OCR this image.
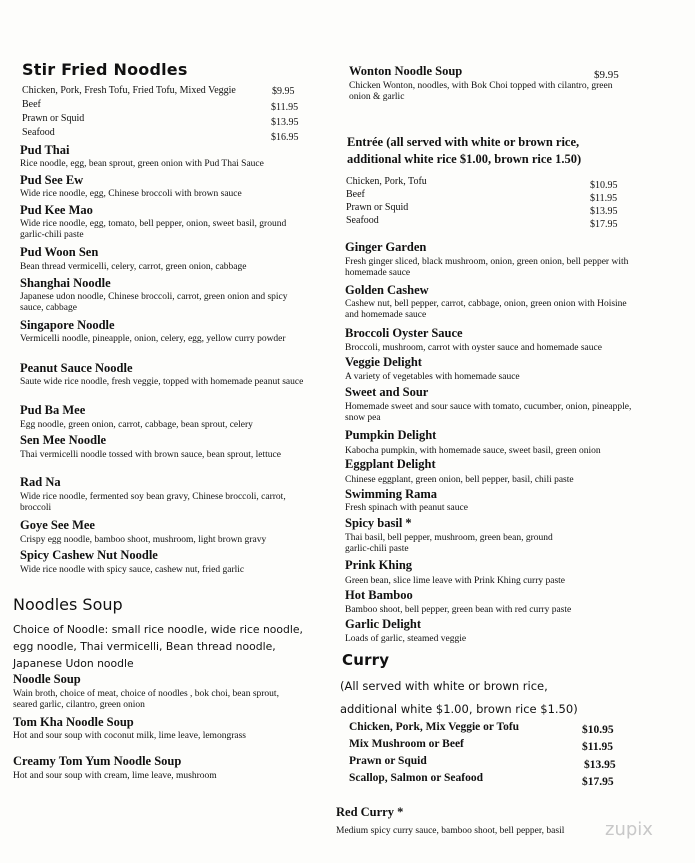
Stir Fried Noodles
Chicken, Pork, Fresh Tofu, Fried Tofu, Mixed Veggie	$9.95
Beef	$11.95
Prawn or Squid	$13.95
Seafood	$16.95
Pud Thai
Rice noodle, egg, bean sprout, green onion with Pud Thai Sauce
Pud See Ew
Wide rice noodle, egg, Chinese broccoli with brown sauce
Pud Kee Mao
Wide rice noodle, egg, tomato, bell pepper, onion, sweet basil, ground garlic-chili paste
Pud Woon Sen
Bean thread vermicelli, celery, carrot, green onion, cabbage
Shanghai Noodle
Japanese udon noodle, Chinese broccoli, carrot, green onion and spicy sauce, cabbage
Singapore Noodle
Vermicelli noodle, pineapple, onion, celery, egg, yellow curry powder
Peanut Sauce Noodle
Saute wide rice noodle, fresh veggie, topped with homemade peanut sauce
Pud Ba Mee
Egg noodle, green onion, carrot, cabbage, bean sprout, celery
Sen Mee Noodle
Thai vermicelli noodle tossed with brown sauce, bean sprout, lettuce
Rad Na
Wide rice noodle, fermented soy bean gravy, Chinese broccoli, carrot, broccoli
Goye See Mee
Crispy egg noodle, bamboo shoot, mushroom, light brown gravy
Spicy Cashew Nut Noodle
Wide rice noodle with spicy sauce, cashew nut, fried garlic
Noodles Soup
Choice of Noodle: small rice noodle, wide rice noodle, egg noodle, Thai vermicelli, Bean thread noodle, Japanese Udon noodle
Noodle Soup
Wain broth, choice of meat, choice of noodles , bok choi, bean sprout, seared garlic, cilantro, green onion
Tom Kha Noodle Soup
Hot and sour soup with coconut milk, lime leave, lemongrass
Creamy Tom Yum Noodle Soup
Hot and sour soup with cream, lime leave, mushroom
Wonton Noodle Soup	$9.95
Chicken Wonton, noodles, with Bok Choi topped with cilantro, green onion & garlic
Entrée (all served with white or brown rice,
additional white rice $1.00, brown rice 1.50)
Chicken, Pork, Tofu	$10.95
Beef	$11.95
Prawn or Squid	$13.95
Seafood	$17.95
Ginger Garden
Fresh ginger sliced, black mushroom, onion, green onion, bell pepper with homemade sauce
Golden Cashew
Cashew nut, bell pepper, carrot, cabbage, onion, green onion with Hoisine and homemade sauce
Broccoli Oyster Sauce
Broccoli, mushroom, carrot with oyster sauce and homemade sauce
Veggie Delight
A variety of vegetables with homemade sauce
Sweet and Sour
Homemade sweet and sour sauce with tomato, cucumber, onion, pineapple, snow pea
Pumpkin Delight
Kabocha pumpkin, with homemade sauce, sweet basil, green onion
Eggplant Delight
Chinese eggplant, green onion, bell pepper, basil, chili paste
Swimming Rama
Fresh spinach with peanut sauce
Spicy basil *
Thai basil, bell pepper, mushroom, green bean, ground garlic-chili paste
Prink Khing
Green bean, slice lime leave with Prink Khing curry paste
Hot Bamboo
Bamboo shoot, bell pepper, green bean with red curry paste
Garlic Delight
Loads of garlic, steamed veggie
Curry
(All served with white or brown rice,
additional white $1.00, brown rice $1.50)
Chicken, Pork, Mix Veggie or Tofu	$10.95
Mix Mushroom or Beef	$11.95
Prawn or Squid	$13.95
Scallop, Salmon or Seafood	$17.95
Red Curry *
Medium spicy curry sauce, bamboo shoot, bell pepper, basil zupix
